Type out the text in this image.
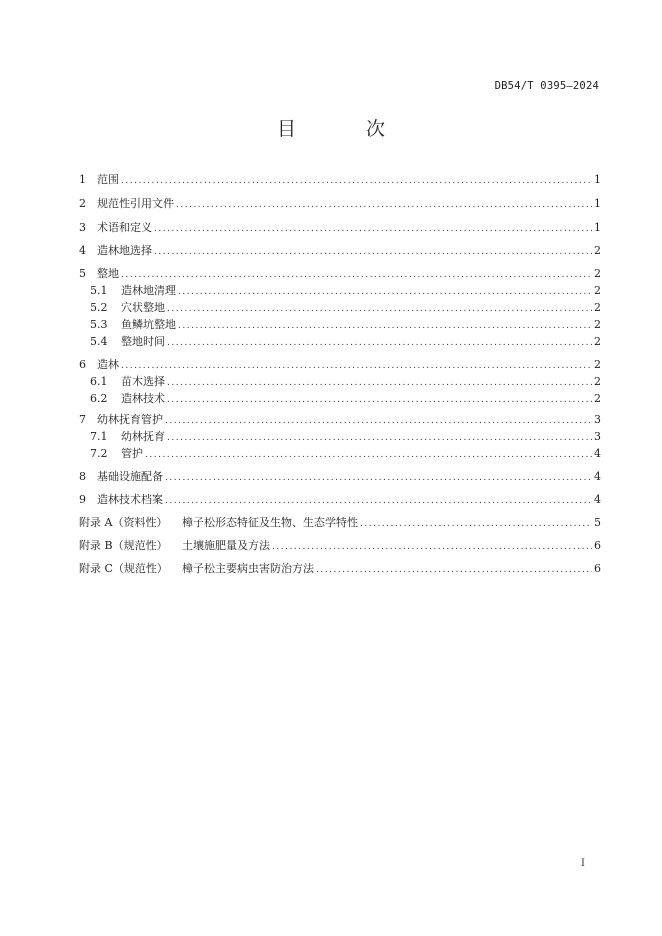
DB54/T 0395—2024
目 次
1	范围 .....	1
2	规范性引用文件 .....	1
3	术语和定义 .....	1
4	造林地选择 .....	2
5	整地 .....	2
5.1	造林地清理 .....	2
5.2	穴状整地 .....	2
5.3	鱼鳞坑整地 .....	2
5.4	整地时间 .....	2
6	造林 .....	2
6.1	苗木选择 .....	2
6.2	造林技术 .....	2
7	幼林抚育管护 .....	3
7.1	幼林抚育 .....	3
7.2	管护 .....	4
8	基础设施配备 .....	4
9	造林技术档案 .....	4
附录 A（资料性）	樟子松形态特征及生物、生态学特性 .....	5
附录 B（规范性）	土壤施肥量及方法 .....	6
附录 C（规范性）	樟子松主要病虫害防治方法 .....	6
I
